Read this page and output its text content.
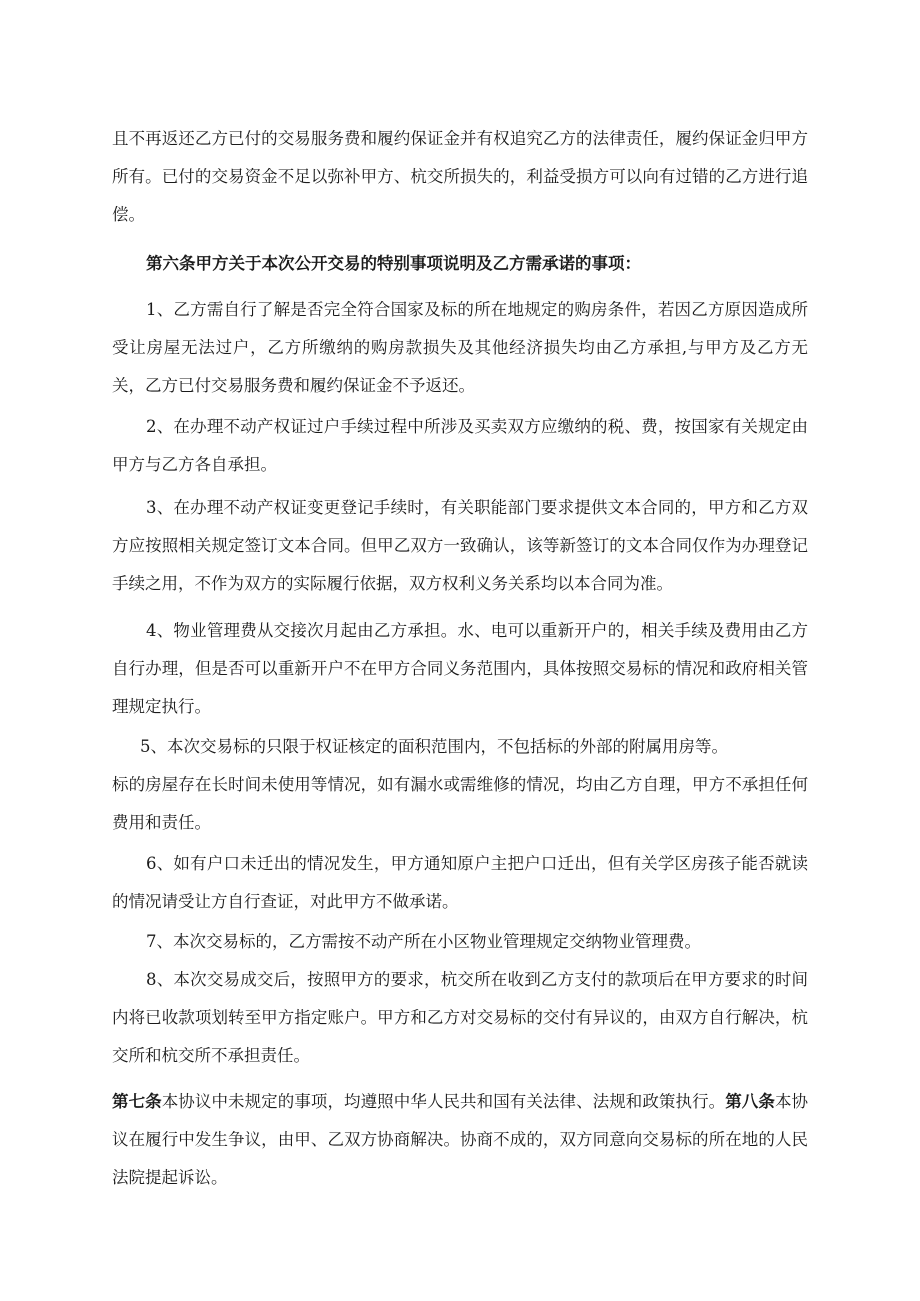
且不再返还乙方已付的交易服务费和履约保证金并有权追究乙方的法律责任，履约保证金归甲方所有。已付的交易资金不足以弥补甲方、杭交所损失的，利益受损方可以向有过错的乙方进行追偿。

第六条甲方关于本次公开交易的特别事项说明及乙方需承诺的事项：

1、乙方需自行了解是否完全符合国家及标的所在地规定的购房条件，若因乙方原因造成所受让房屋无法过户，乙方所缴纳的购房款损失及其他经济损失均由乙方承担,与甲方及乙方无关，乙方已付交易服务费和履约保证金不予返还。

2、在办理不动产权证过户手续过程中所涉及买卖双方应缴纳的税、费，按国家有关规定由甲方与乙方各自承担。

3、在办理不动产权证变更登记手续时，有关职能部门要求提供文本合同的，甲方和乙方双方应按照相关规定签订文本合同。但甲乙双方一致确认，该等新签订的文本合同仅作为办理登记手续之用，不作为双方的实际履行依据，双方权利义务关系均以本合同为准。

4、物业管理费从交接次月起由乙方承担。水、电可以重新开户的，相关手续及费用由乙方自行办理，但是否可以重新开户不在甲方合同义务范围内，具体按照交易标的情况和政府相关管理规定执行。

5、本次交易标的只限于权证核定的面积范围内，不包括标的外部的附属用房等。

标的房屋存在长时间未使用等情况，如有漏水或需维修的情况，均由乙方自理，甲方不承担任何费用和责任。

6、如有户口未迁出的情况发生，甲方通知原户主把户口迁出，但有关学区房孩子能否就读的情况请受让方自行查证，对此甲方不做承诺。

7、本次交易标的，乙方需按不动产所在小区物业管理规定交纳物业管理费。

8、本次交易成交后，按照甲方的要求，杭交所在收到乙方支付的款项后在甲方要求的时间内将已收款项划转至甲方指定账户。甲方和乙方对交易标的交付有异议的，由双方自行解决，杭交所和杭交所不承担责任。

第七条本协议中未规定的事项，均遵照中华人民共和国有关法律、法规和政策执行。第八条本协议在履行中发生争议，由甲、乙双方协商解决。协商不成的，双方同意向交易标的所在地的人民法院提起诉讼。
